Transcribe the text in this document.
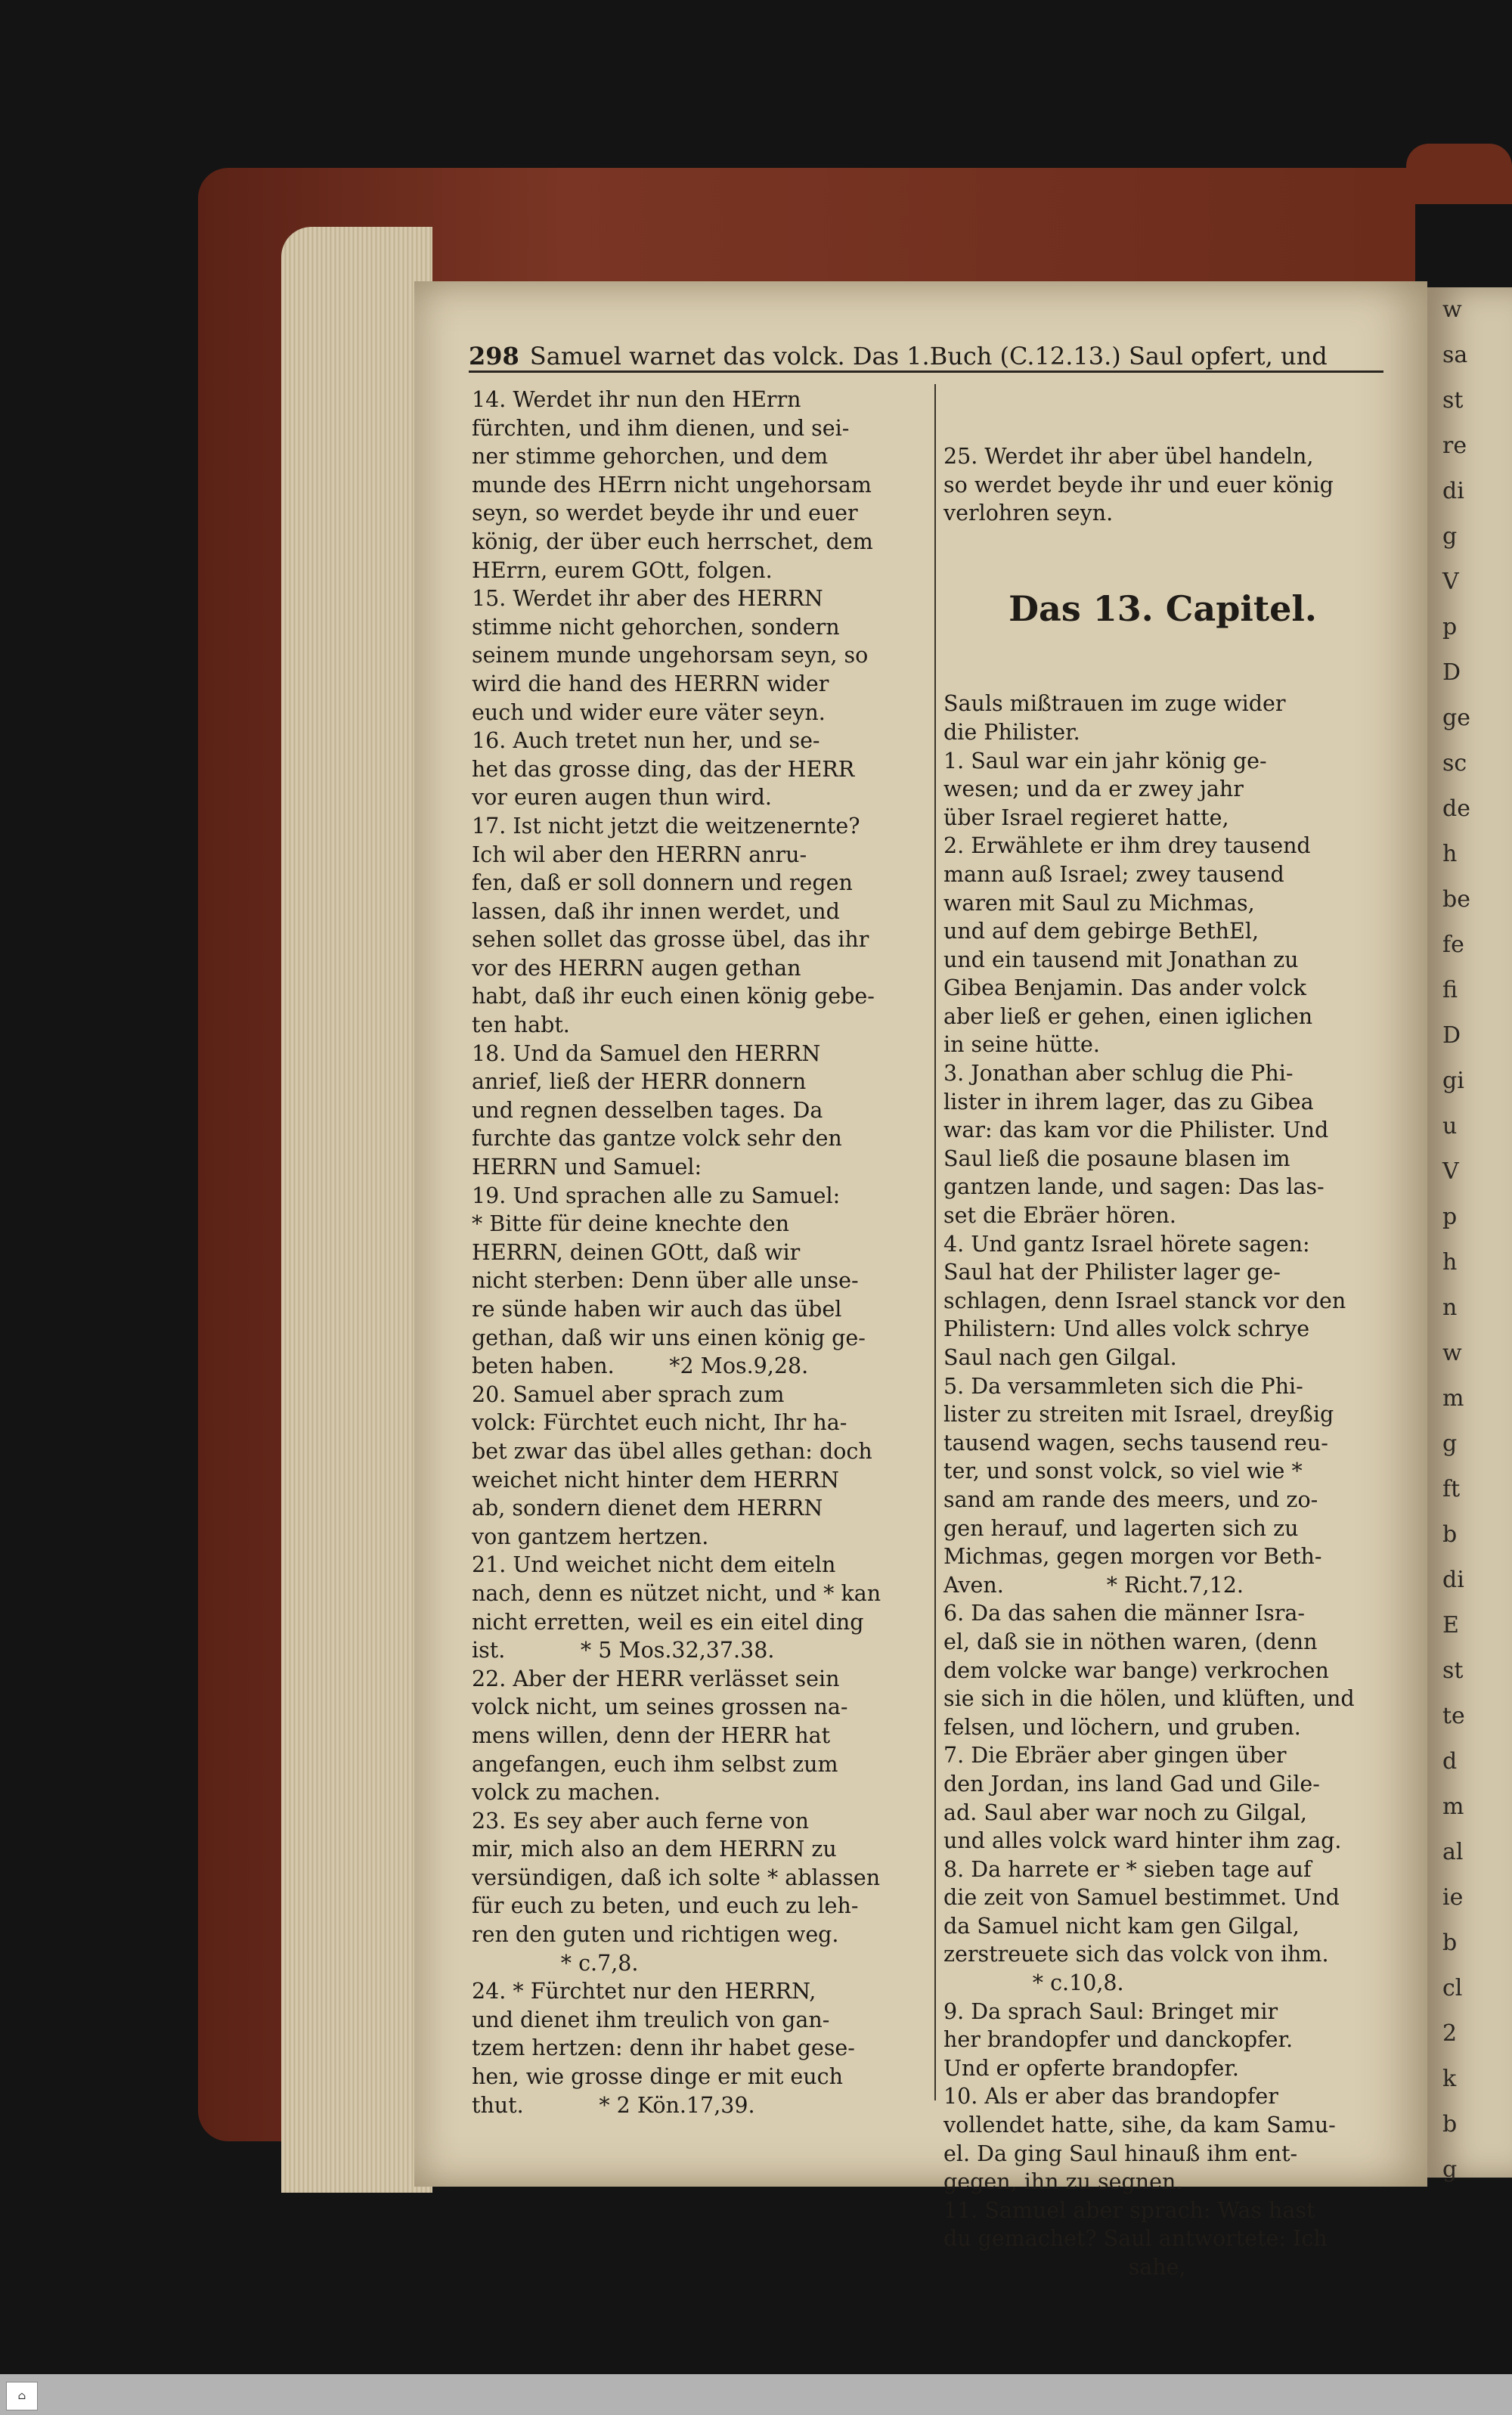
w
sa
st
re
di
g
V
p
D
ge
sc
de
h
be
fe
fi
D
gi
u
V
p
h
n
w
m
g
ft
b
di
E
st
te
d
m
al
ie
b
cl
2
k
b
g
298 Samuel warnet das volck. Das 1.Buch (C.12.13.) Saul opfert, und
14. Werdet ihr nun den HErrn
fürchten, und ihm dienen, und sei-
ner stimme gehorchen, und dem
munde des HErrn nicht ungehorsam
seyn, so werdet beyde ihr und euer
könig, der über euch herrschet, dem
HErrn, eurem GOtt, folgen.
15. Werdet ihr aber des HERRN
stimme nicht gehorchen, sondern
seinem munde ungehorsam seyn, so
wird die hand des HERRN wider
euch und wider eure väter seyn.
16. Auch tretet nun her, und se-
het das grosse ding, das der HERR
vor euren augen thun wird.
17. Ist nicht jetzt die weitzenernte?
Ich wil aber den HERRN anru-
fen, daß er soll donnern und regen
lassen, daß ihr innen werdet, und
sehen sollet das grosse übel, das ihr
vor des HERRN augen gethan
habt, daß ihr euch einen könig gebe-
ten habt.
18. Und da Samuel den HERRN
anrief, ließ der HERR donnern
und regnen desselben tages. Da
furchte das gantze volck sehr den
HERRN und Samuel:
19. Und sprachen alle zu Samuel:
* Bitte für deine knechte den
HERRN, deinen GOtt, daß wir
nicht sterben: Denn über alle unse-
re sünde haben wir auch das übel
gethan, daß wir uns einen könig ge-
beten haben.        *2 Mos.9,28.
20. Samuel aber sprach zum
volck: Fürchtet euch nicht, Ihr ha-
bet zwar das übel alles gethan: doch
weichet nicht hinter dem HERRN
ab, sondern dienet dem HERRN
von gantzem hertzen.
21. Und weichet nicht dem eiteln
nach, denn es nützet nicht, und * kan
nicht erretten, weil es ein eitel ding
ist.           * 5 Mos.32,37.38.
22. Aber der HERR verlässet sein
volck nicht, um seines grossen na-
mens willen, denn der HERR hat
angefangen, euch ihm selbst zum
volck zu machen.
23. Es sey aber auch ferne von
mir, mich also an dem HERRN zu
versündigen, daß ich solte * ablassen
für euch zu beten, und euch zu leh-
ren den guten und richtigen weg.
* c.7,8.
24. * Fürchtet nur den HERRN,
und dienet ihm treulich von gan-
tzem hertzen: denn ihr habet gese-
hen, wie grosse dinge er mit euch
thut.           * 2 Kön.17,39.

25. Werdet ihr aber übel handeln,
so werdet beyde ihr und euer könig
verlohren seyn.

Das 13. Capitel.

Sauls mißtrauen im zuge wider
die Philister.
1. Saul war ein jahr könig ge-
wesen; und da er zwey jahr
über Israel regieret hatte,
2. Erwählete er ihm drey tausend
mann auß Israel; zwey tausend
waren mit Saul zu Michmas,
und auf dem gebirge BethEl,
und ein tausend mit Jonathan zu
Gibea Benjamin. Das ander volck
aber ließ er gehen, einen iglichen
in seine hütte.
3. Jonathan aber schlug die Phi-
lister in ihrem lager, das zu Gibea
war: das kam vor die Philister. Und
Saul ließ die posaune blasen im
gantzen lande, und sagen: Das las-
set die Ebräer hören.
4. Und gantz Israel hörete sagen:
Saul hat der Philister lager ge-
schlagen, denn Israel stanck vor den
Philistern: Und alles volck schrye
Saul nach gen Gilgal.
5. Da versammleten sich die Phi-
lister zu streiten mit Israel, dreyßig
tausend wagen, sechs tausend reu-
ter, und sonst volck, so viel wie *
sand am rande des meers, und zo-
gen herauf, und lagerten sich zu
Michmas, gegen morgen vor Beth-
Aven.               * Richt.7,12.
6. Da das sahen die männer Isra-
el, daß sie in nöthen waren, (denn
dem volcke war bange) verkrochen
sie sich in die hölen, und klüften, und
felsen, und löchern, und gruben.
7. Die Ebräer aber gingen über
den Jordan, ins land Gad und Gile-
ad. Saul aber war noch zu Gilgal,
und alles volck ward hinter ihm zag.
8. Da harrete er * sieben tage auf
die zeit von Samuel bestimmet. Und
da Samuel nicht kam gen Gilgal,
zerstreuete sich das volck von ihm.
* c.10,8.
9. Da sprach Saul: Bringet mir
her brandopfer und danckopfer.
Und er opferte brandopfer.
10. Als er aber das brandopfer
vollendet hatte, sihe, da kam Samu-
el. Da ging Saul hinauß ihm ent-
gegen, ihn zu segnen.
11. Samuel aber sprach: Was hast
du gemachet? Saul antwortete: Ich
sahe,

⌂
